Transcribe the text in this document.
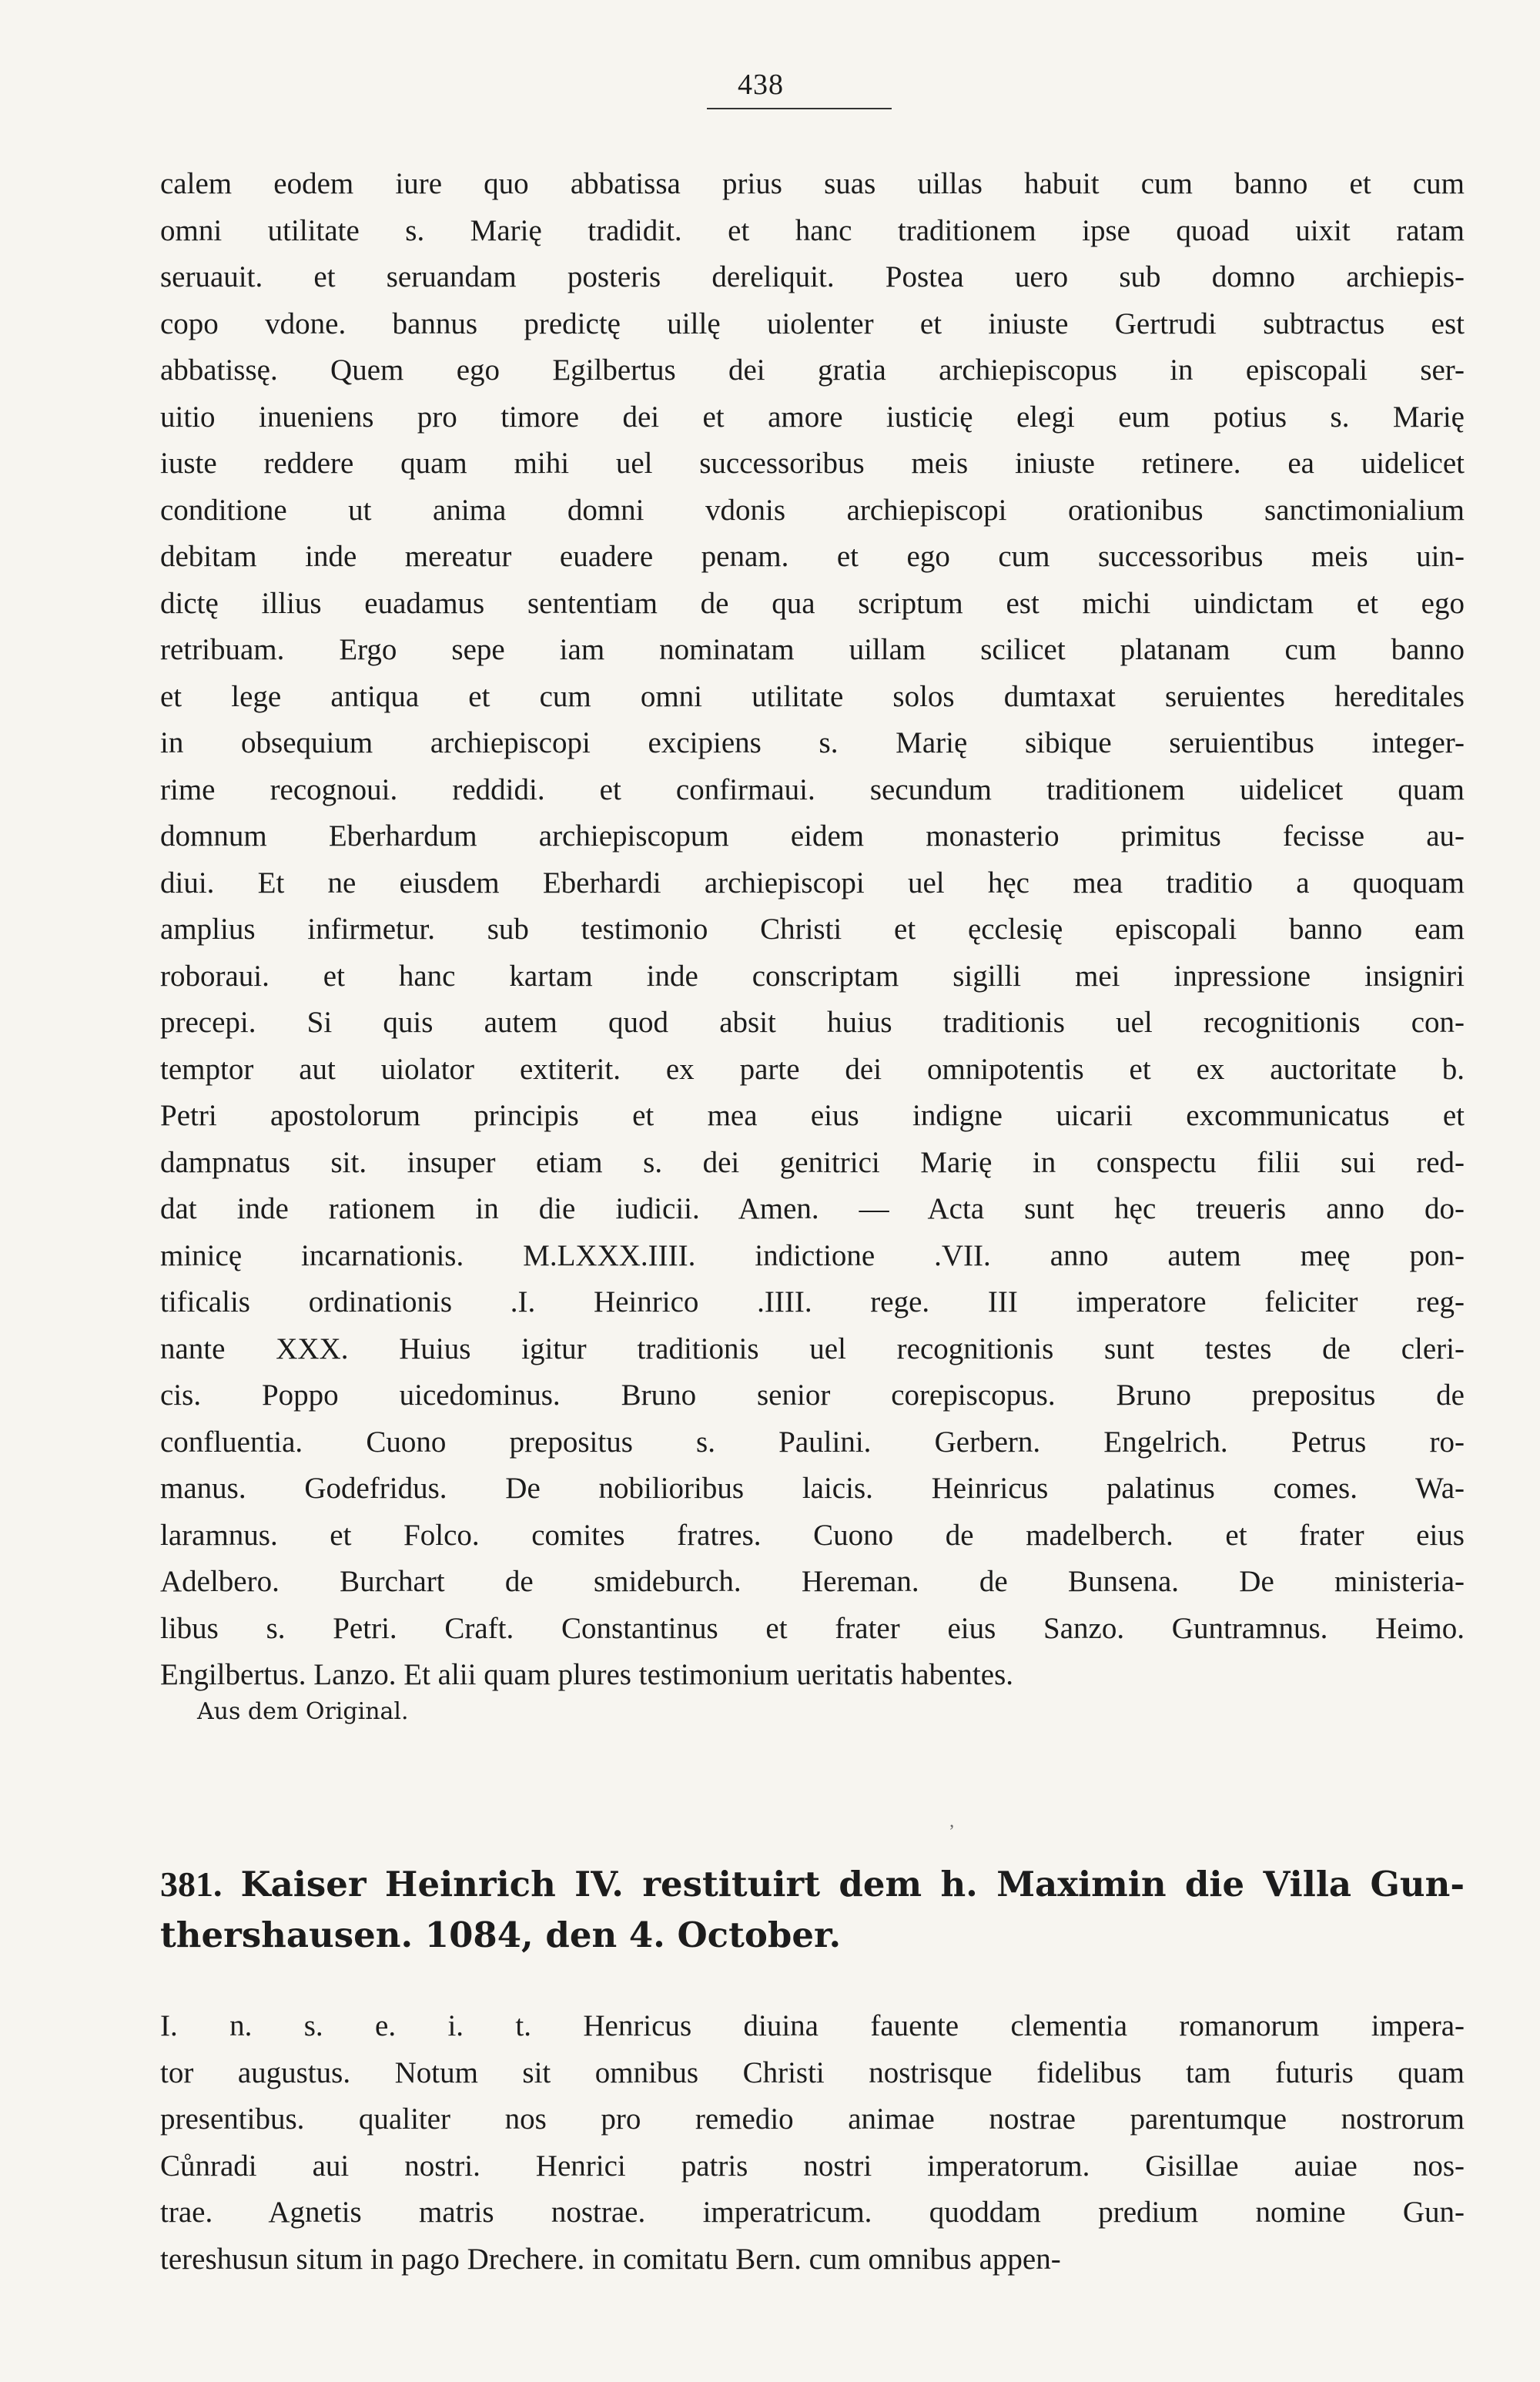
438
calem eodem iure quo abbatissa prius suas uillas habuit cum banno et cum
omni utilitate s. Marię tradidit. et hanc traditionem ipse quoad uixit ratam
seruauit. et seruandam posteris dereliquit. Postea uero sub domno archiepis-
copo vdone. bannus predictę uillę uiolenter et iniuste Gertrudi subtractus est
abbatissę. Quem ego Egilbertus dei gratia archiepiscopus in episcopali ser-
uitio inueniens pro timore dei et amore iusticię elegi eum potius s. Marię
iuste reddere quam mihi uel successoribus meis iniuste retinere. ea uidelicet
conditione ut anima domni vdonis archiepiscopi orationibus sanctimonialium
debitam inde mereatur euadere penam. et ego cum successoribus meis uin-
dictę illius euadamus sententiam de qua scriptum est michi uindictam et ego
retribuam. Ergo sepe iam nominatam uillam scilicet platanam cum banno
et lege antiqua et cum omni utilitate solos dumtaxat seruientes hereditales
in obsequium archiepiscopi excipiens s. Marię sibique seruientibus integer-
rime recognoui. reddidi. et confirmaui. secundum traditionem uidelicet quam
domnum Eberhardum archiepiscopum eidem monasterio primitus fecisse au-
diui. Et ne eiusdem Eberhardi archiepiscopi uel hęc mea traditio a quoquam
amplius infirmetur. sub testimonio Christi et ęcclesię episcopali banno eam
roboraui. et hanc kartam inde conscriptam sigilli mei inpressione insigniri
precepi. Si quis autem quod absit huius traditionis uel recognitionis con-
temptor aut uiolator extiterit. ex parte dei omnipotentis et ex auctoritate b.
Petri apostolorum principis et mea eius indigne uicarii excommunicatus et
dampnatus sit. insuper etiam s. dei genitrici Marię in conspectu filii sui red-
dat inde rationem in die iudicii. Amen. — Acta sunt hęc treueris anno do-
minicę incarnationis. M.LXXX.IIII. indictione .VII. anno autem meę pon-
tificalis ordinationis .I. Heinrico .IIII. rege. III imperatore feliciter reg-
nante XXX. Huius igitur traditionis uel recognitionis sunt testes de cleri-
cis. Poppo uicedominus. Bruno senior corepiscopus. Bruno prepositus de
confluentia. Cuono prepositus s. Paulini. Gerbern. Engelrich. Petrus ro-
manus. Godefridus. De nobilioribus laicis. Heinricus palatinus comes. Wa-
laramnus. et Folco. comites fratres. Cuono de madelberch. et frater eius
Adelbero. Burchart de smideburch. Hereman. de Bunsena. De ministeria-
libus s. Petri. Craft. Constantinus et frater eius Sanzo. Guntramnus. Heimo.
Engilbertus. Lanzo. Et alii quam plures testimonium ueritatis habentes.
Aus dem Original.
‚
381. Kaiser Heinrich IV. restituirt dem h. Maximin die Villa Gun-
thershausen. 1084, den 4. October.
I. n. s. e. i. t. Henricus diuina fauente clementia romanorum impera-
tor augustus. Notum sit omnibus Christi nostrisque fidelibus tam futuris quam
presentibus. qualiter nos pro remedio animae nostrae parentumque nostrorum
Cůnradi aui nostri. Henrici patris nostri imperatorum. Gisillae auiae nos-
trae. Agnetis matris nostrae. imperatricum. quoddam predium nomine Gun-
tereshusun situm in pago Drechere. in comitatu Bern. cum omnibus appen-
